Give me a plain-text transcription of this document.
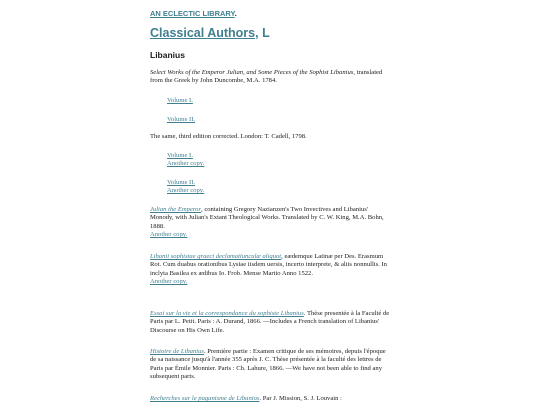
AN ECLECTIC LIBRARY.
Classical Authors, L
Libanius
Select Works of the Emperor Julian, and Some Pieces of the Sophist Libanius, translated from the Greek by John Duncombe, M.A. 1784.
Volume I.
Volume II.
The same, third edition corrected. London: T. Cadell, 1798.
Volume I.
Another copy.
Volume II.
Another copy.
Julian the Emperor, containing Gregory Nazianzen's Two Invectives and Libanius' Monody, with Julian's Extant Theological Works. Translated by C. W. King, M.A. Bohn, 1888.
Another copy.
Libanii sophistae graeci declamatiunculæ aliquot, eædemque Latinæ per Des. Erasmum Rot. Cum duabus orationibus Lysiae iisdem uersis, incerto interprete, & aliis nonnullis. In inclyta Basilea ex ædibus Io. Frob. Mense Martio Anno 1522.
Another copy.
Essai sur la vie et la correspondance du sophiste Libanius. Thèse presentée à la Faculté de Paris par L. Petit. Paris : A. Durand, 1866. —Includes a French translation of Libanius' Discourse on His Own Life.
Histoire de Libanius. Première partie : Examen critique de ses mémoires, depuis l'époque de sa naissance jusqu'à l'année 355 après J. C. Thèse présentée à la faculté des lettres de Paris par Émile Monnier. Paris : Ch. Lahure, 1866. —We have not been able to find any subsequent parts.
Recherches sur le paganisme de Libanios. Par J. Mission, S. J. Louvain :
